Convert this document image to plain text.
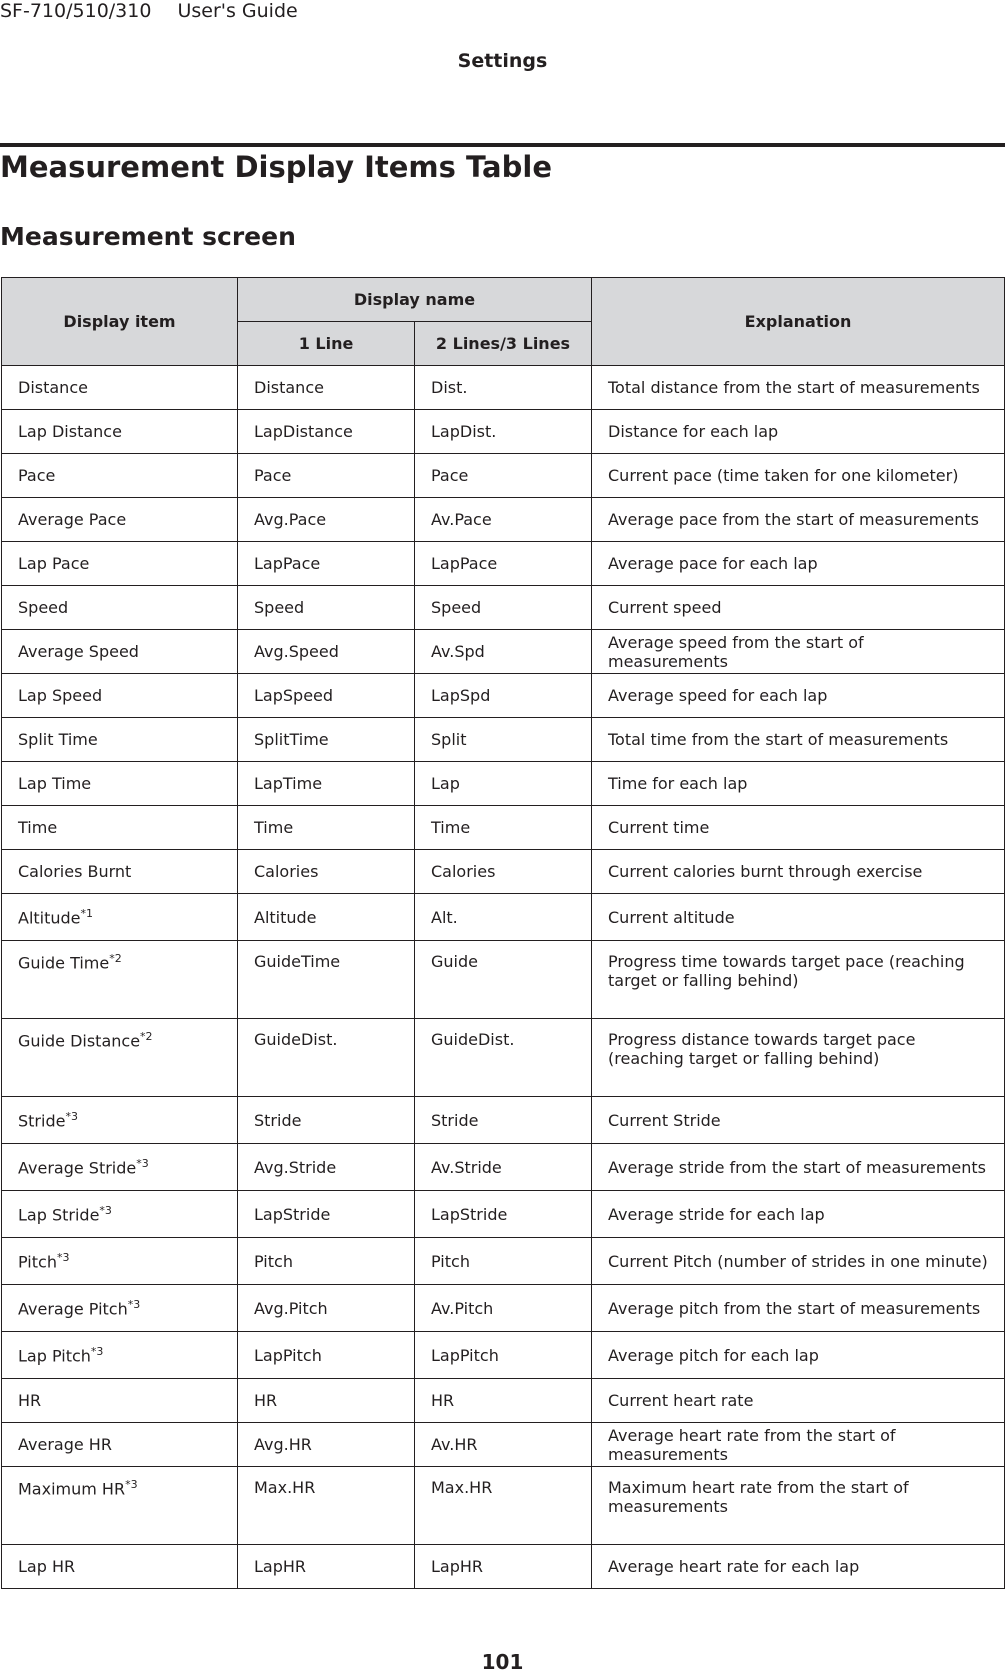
SF-710/510/310 User's Guide
Settings
Measurement Display Items Table
Measurement screen
Display item	Display name		Explanation
	1 Line	2 Lines/3 Lines	
Distance	Distance	Dist.	Total distance from the start of measurements
Lap Distance	LapDistance	LapDist.	Distance for each lap
Pace	Pace	Pace	Current pace (time taken for one kilometer)
Average Pace	Avg.Pace	Av.Pace	Average pace from the start of measurements
Lap Pace	LapPace	LapPace	Average pace for each lap
Speed	Speed	Speed	Current speed
Average Speed	Avg.Speed	Av.Spd	Average speed from the start of measurements
Lap Speed	LapSpeed	LapSpd	Average speed for each lap
Split Time	SplitTime	Split	Total time from the start of measurements
Lap Time	LapTime	Lap	Time for each lap
Time	Time	Time	Current time
Calories Burnt	Calories	Calories	Current calories burnt through exercise
Altitude$^{*1}$	Altitude	Alt.	Current altitude
Guide Time$^{*2}$	GuideTime	Guide	Progress time towards target pace (reaching target or falling behind)
Guide Distance$^{*2}$	GuideDist.	GuideDist.	Progress distance towards target pace (reaching target or falling behind)
Stride$^{*3}$	Stride	Stride	Current Stride
Average Stride$^{*3}$	Avg.Stride	Av.Stride	Average stride from the start of measurements
Lap Stride$^{*3}$	LapStride	LapStride	Average stride for each lap
Pitch$^{*3}$	Pitch	Pitch	Current Pitch (number of strides in one minute)
Average Pitch$^{*3}$	Avg.Pitch	Av.Pitch	Average pitch from the start of measurements
Lap Pitch$^{*3}$	LapPitch	LapPitch	Average pitch for each lap
HR	HR	HR	Current heart rate
Average HR	Avg.HR	Av.HR	Average heart rate from the start of measurements
Maximum HR$^{*3}$	Max.HR	Max.HR	Maximum heart rate from the start of measurements
Lap HR	LapHR	LapHR	Average heart rate for each lap
101
